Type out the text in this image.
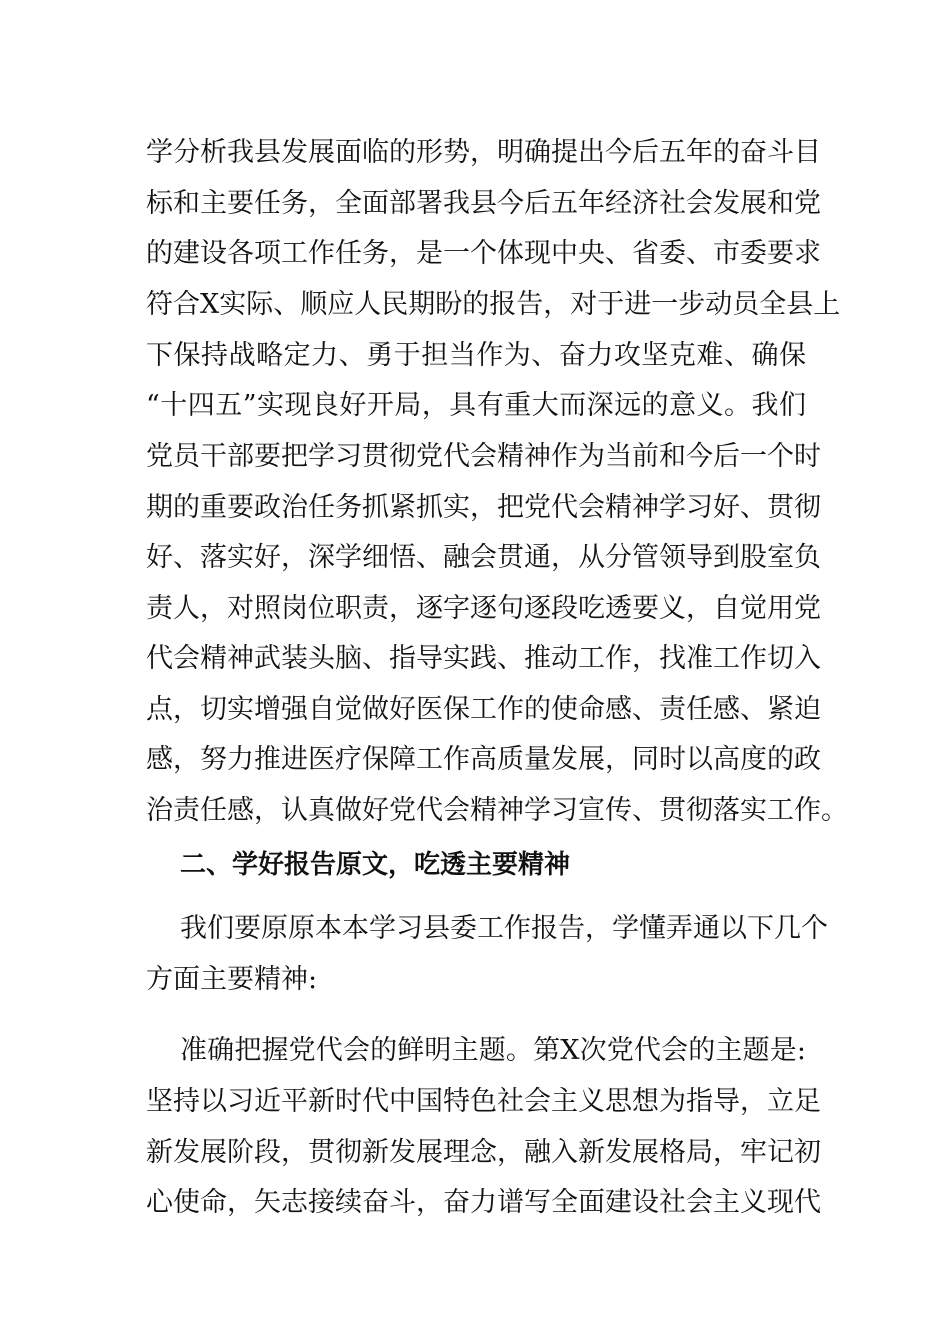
学分析我县发展面临的形势，明确提出今后五年的奋斗目

标和主要任务，全面部署我县今后五年经济社会发展和党

的建设各项工作任务，是一个体现中央、省委、市委要求

符合X实际、顺应人民期盼的报告，对于进一步动员全县上

下保持战略定力、勇于担当作为、奋力攻坚克难、确保

“十四五”实现良好开局，具有重大而深远的意义。我们

党员干部要把学习贯彻党代会精神作为当前和今后一个时

期的重要政治任务抓紧抓实，把党代会精神学习好、贯彻

好、落实好，深学细悟、融会贯通，从分管领导到股室负

责人，对照岗位职责，逐字逐句逐段吃透要义，自觉用党

代会精神武装头脑、指导实践、推动工作，找准工作切入

点，切实增强自觉做好医保工作的使命感、责任感、紧迫

感，努力推进医疗保障工作高质量发展，同时以高度的政

治责任感，认真做好党代会精神学习宣传、贯彻落实工作。

二、学好报告原文，吃透主要精神

我们要原原本本学习县委工作报告，学懂弄通以下几个

方面主要精神:

准确把握党代会的鲜明主题。第X次党代会的主题是:

坚持以习近平新时代中国特色社会主义思想为指导，立足

新发展阶段，贯彻新发展理念，融入新发展格局，牢记初

心使命，矢志接续奋斗，奋力谱写全面建设社会主义现代
